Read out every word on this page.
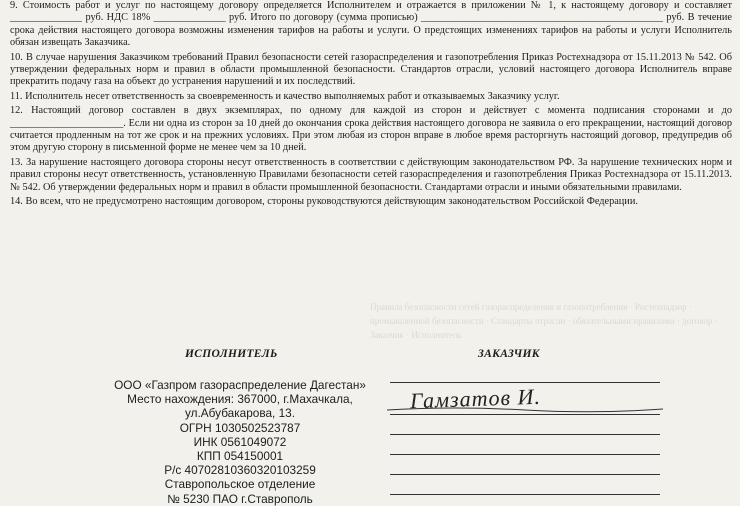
Правила безопасности сетей газораспределения и газопотребления · Ростехнадзор · промышленной безопасности · Стандарты отрасли · обязательными правилами · договор · Заказчик · Исполнитель

9. Стоимость работ и услуг по настоящему договору определяется Исполнителем и отражается в приложении № 1, к настоящему договору и составляет ______________ руб. НДС 18% ______________ руб. Итого по договору (сумма прописью) _______________________________________________ руб. В течение срока действия настоящего договора возможны изменения тарифов на работы и услуги. О предстоящих изменениях тарифов на работы и услуги Исполнитель обязан извещать Заказчика.

10. В случае нарушения Заказчиком требований Правил безопасности сетей газораспределения и газопотребления Приказ Ростехнадзора от 15.11.2013 № 542. Об утверждении федеральных норм и правил в области промышленной безопасности. Стандартов отрасли, условий настоящего договора Исполнитель вправе прекратить подачу газа на объект до устранения нарушений и их последствий.

11. Исполнитель несет ответственность за своевременность и качество выполняемых работ и отказываемых Заказчику услуг.

12. Настоящий договор составлен в двух экземплярах, по одному для каждой из сторон и действует с момента подписания сторонами и до ______________________. Если ни одна из сторон за 10 дней до окончания срока действия настоящего договора не заявила о его прекращении, настоящий договор считается продленным на тот же срок и на прежних условиях. При этом любая из сторон вправе в любое время расторгнуть настоящий договор, предупредив об этом другую сторону в письменной форме не менее чем за 10 дней.

13. За нарушение настоящего договора стороны несут ответственность в соответствии с действующим законодательством РФ. За нарушение технических норм и правил стороны несут ответственность, установленную Правилами безопасности сетей газораспределения и газопотребления Приказ Ростехнадзора от 15.11.2013. № 542. Об утверждении федеральных норм и правил в области промышленной безопасности. Стандартами отрасли и иными обязательными правилами.

14. Во всем, что не предусмотрено настоящим договором, стороны руководствуются действующим законодательством Российской Федерации.

ИСПОЛНИТЕЛЬ	ЗАКАЗЧИК
ООО «Газпром газораспределение Дагестан»
Место нахождения: 367000, г.Махачкала,
ул.Абубакарова, 13.
ОГРН 1030502523787
ИНК 0561049072
КПП 054150001
Р/с 40702810360320103259
Ставропольское отделение
№ 5230 ПАО г.Ставрополь
Гамзатов И.
